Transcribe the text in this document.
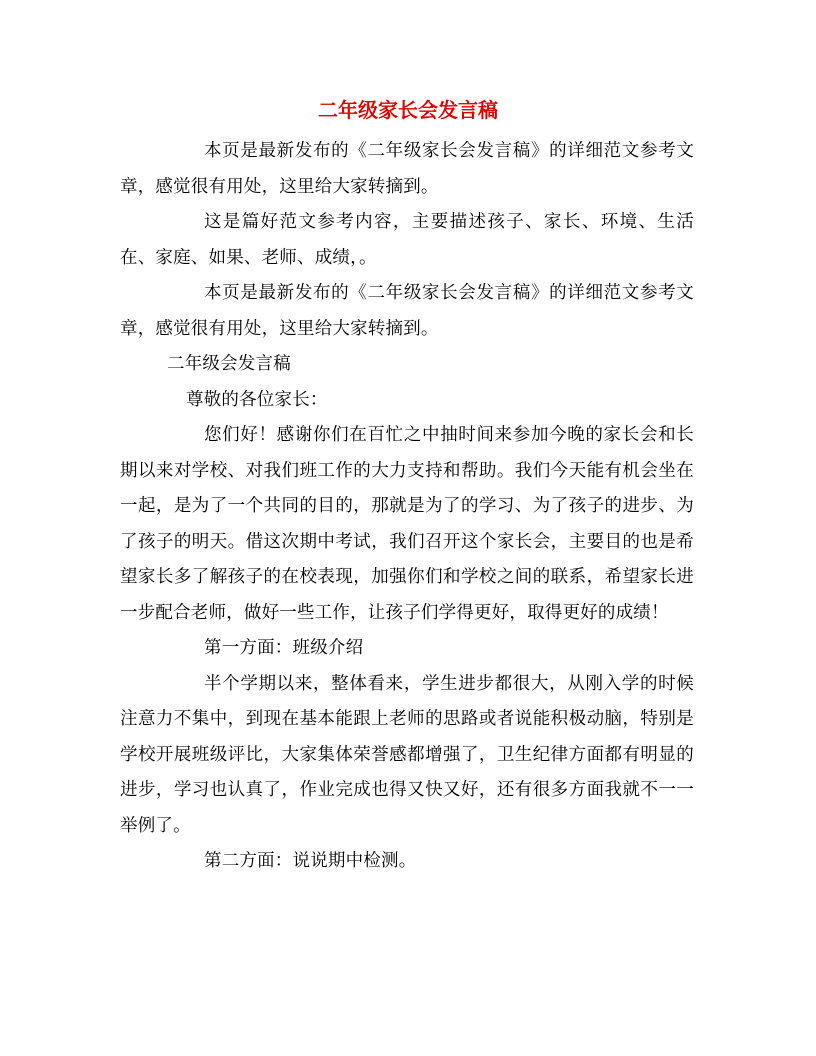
二年级家长会发言稿

本页是最新发布的《二年级家长会发言稿》的详细范文参考文章，感觉很有用处，这里给大家转摘到。

这是篇好范文参考内容，主要描述孩子、家长、环境、生活在、家庭、如果、老师、成绩，。

本页是最新发布的《二年级家长会发言稿》的详细范文参考文章，感觉很有用处，这里给大家转摘到。

二年级会发言稿

尊敬的各位家长：

您们好！感谢你们在百忙之中抽时间来参加今晚的家长会和长期以来对学校、对我们班工作的大力支持和帮助。我们今天能有机会坐在一起，是为了一个共同的目的，那就是为了的学习、为了孩子的进步、为了孩子的明天。借这次期中考试，我们召开这个家长会，主要目的也是希望家长多了解孩子的在校表现，加强你们和学校之间的联系，希望家长进一步配合老师，做好一些工作，让孩子们学得更好，取得更好的成绩！

第一方面：班级介绍

半个学期以来，整体看来，学生进步都很大，从刚入学的时候注意力不集中，到现在基本能跟上老师的思路或者说能积极动脑，特别是学校开展班级评比，大家集体荣誉感都增强了，卫生纪律方面都有明显的进步，学习也认真了，作业完成也得又快又好，还有很多方面我就不一一举例了。

第二方面：说说期中检测。
